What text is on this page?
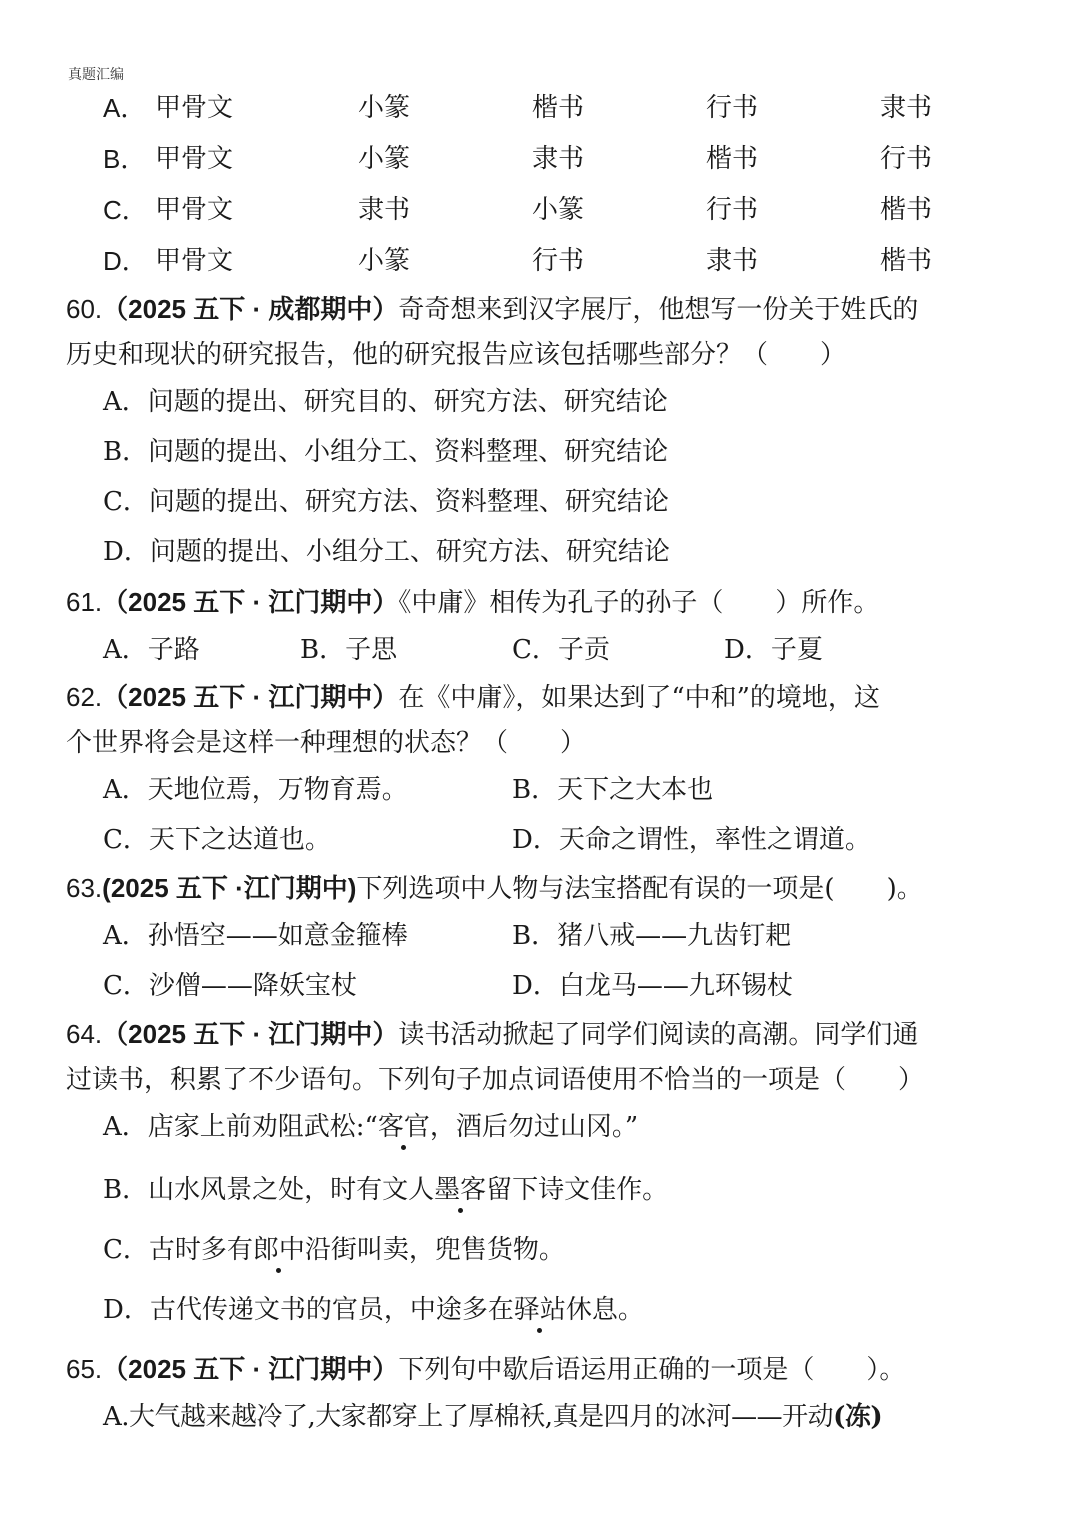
真题汇编
A． 甲骨文	小篆	楷书	行书	隶书
B． 甲骨文	小篆	隶书	楷书	行书
C． 甲骨文	隶书	小篆	行书	楷书
D． 甲骨文	小篆	行书	隶书	楷书
60.（2025 五下 · 成都期中）奇奇想来到汉字展厅，他想写一份关于姓氏的
历史和现状的研究报告，他的研究报告应该包括哪些部分？（　　）
A．问题的提出、研究目的、研究方法、研究结论
B．问题的提出、小组分工、资料整理、研究结论
C．问题的提出、研究方法、资料整理、研究结论
D．问题的提出、小组分工、研究方法、研究结论
61.（2025 五下 · 江门期中）《中庸》相传为孔子的孙子（　　）所作。
A．子路	B．子思	C．子贡	D．子夏
62.（2025 五下 · 江门期中）在《中庸》，如果达到了“中和”的境地，这
个世界将会是这样一种理想的状态？（　　）
A．天地位焉，万物育焉。	B．天下之大本也
C．天下之达道也。	D．天命之谓性，率性之谓道。
63.(2025 五下 ·江门期中)下列选项中人物与法宝搭配有误的一项是(　　)。
A．孙悟空——如意金箍棒	B．猪八戒——九齿钉耙
C．沙僧——降妖宝杖	D．白龙马——九环锡杖
64.（2025 五下 · 江门期中）读书活动掀起了同学们阅读的高潮。同学们通
过读书，积累了不少语句。下列句子加点词语使用不恰当的一项是（　　）
A．店家上前劝阻武松:“客官，酒后勿过山冈。”
B．山水风景之处，时有文人墨客留下诗文佳作。
C．古时多有郎中沿街叫卖，兜售货物。
D．古代传递文书的官员，中途多在驿站休息。
65.（2025 五下 · 江门期中）下列句中歇后语运用正确的一项是（　　）。
A.大气越来越冷了,大家都穿上了厚棉袄,真是四月的冰河——开动(冻)
